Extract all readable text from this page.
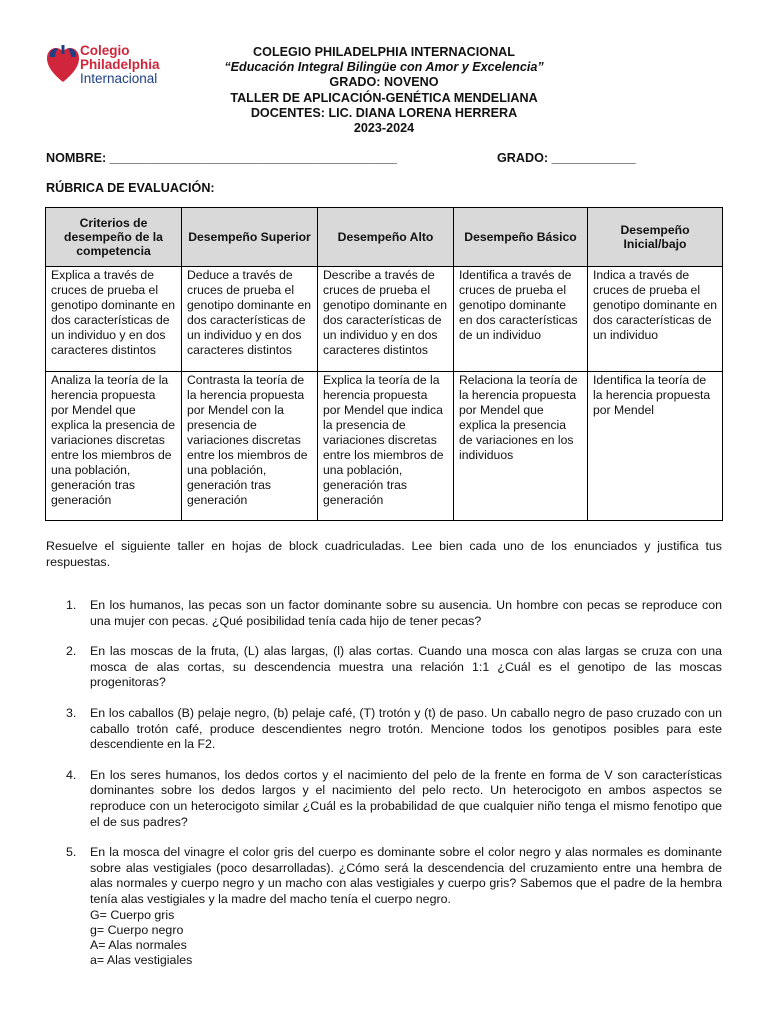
Colegio
Philadelphia
Internacional
COLEGIO PHILADELPHIA INTERNACIONAL
“Educación Integral Bilingüe con Amor y Excelencia”
GRADO: NOVENO
TALLER DE APLICACIÓN-GENÉTICA MENDELIANA
DOCENTES: LIC. DIANA LORENA HERRERA
2023-2024
NOMBRE: _________________________________________	GRADO: ____________
RÚBRICA DE EVALUACIÓN:
Criterios de desempeño de la competencia	Desempeño Superior	Desempeño Alto	Desempeño Básico	Desempeño Inicial/bajo
Explica a través de cruces de prueba el genotipo dominante en dos características de un individuo y en dos caracteres distintos	Deduce a través de cruces de prueba el genotipo dominante en dos características de un individuo y en dos caracteres distintos	Describe a través de cruces de prueba el genotipo dominante en dos características de un individuo y en dos caracteres distintos	Identifica a través de cruces de prueba el genotipo dominante en dos características de un individuo	Indica a través de cruces de prueba el genotipo dominante en dos características de un individuo
Analiza la teoría de la herencia propuesta por Mendel que explica la presencia de variaciones discretas entre los miembros de una población, generación tras generación	Contrasta la teoría de la herencia propuesta por Mendel con la presencia de variaciones discretas entre los miembros de una población, generación tras generación	Explica la teoría de la herencia propuesta por Mendel que indica la presencia de variaciones discretas entre los miembros de una población, generación tras generación	Relaciona la teoría de la herencia propuesta por Mendel que explica la presencia de variaciones en los individuos	Identifica la teoría de la herencia propuesta por Mendel
Resuelve el siguiente taller en hojas de block cuadriculadas. Lee bien cada uno de los enunciados y justifica tus respuestas.
1. En los humanos, las pecas son un factor dominante sobre su ausencia. Un hombre con pecas se reproduce con una mujer con pecas. ¿Qué posibilidad tenía cada hijo de tener pecas?
2. En las moscas de la fruta, (L) alas largas, (l) alas cortas. Cuando una mosca con alas largas se cruza con una mosca de alas cortas, su descendencia muestra una relación 1:1 ¿Cuál es el genotipo de las moscas progenitoras?
3. En los caballos (B) pelaje negro, (b) pelaje café, (T) trotón y (t) de paso. Un caballo negro de paso cruzado con un caballo trotón café, produce descendientes negro trotón. Mencione todos los genotipos posibles para este descendiente en la F2.
4. En los seres humanos, los dedos cortos y el nacimiento del pelo de la frente en forma de V son características dominantes sobre los dedos largos y el nacimiento del pelo recto. Un heterocigoto en ambos aspectos se reproduce con un heterocigoto similar ¿Cuál es la probabilidad de que cualquier niño tenga el mismo fenotipo que el de sus padres?
5. En la mosca del vinagre el color gris del cuerpo es dominante sobre el color negro y alas normales es dominante sobre alas vestigiales (poco desarrolladas). ¿Cómo será la descendencia del cruzamiento entre una hembra de alas normales y cuerpo negro y un macho con alas vestigiales y cuerpo gris? Sabemos que el padre de la hembra tenía alas vestigiales y la madre del macho tenía el cuerpo negro.
G= Cuerpo gris
g= Cuerpo negro
A= Alas normales
a= Alas vestigiales
